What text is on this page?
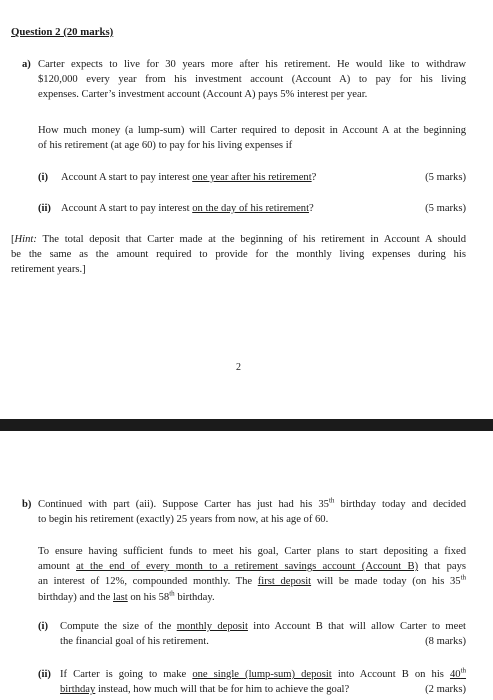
Question 2 (20 marks)
a) Carter expects to live for 30 years more after his retirement. He would like to withdraw
$120,000 every year from his investment account (Account A) to pay for his living
expenses. Carter’s investment account (Account A) pays 5% interest per year.
How much money (a lump-sum) will Carter required to deposit in Account A at the beginning
of his retirement (at age 60) to pay for his living expenses if
(i) Account A start to pay interest one year after his retirement?	(5 marks)
(ii) Account A start to pay interest on the day of his retirement?	(5 marks)
[Hint: The total deposit that Carter made at the beginning of his retirement in Account A should
be the same as the amount required to provide for the monthly living expenses during his
retirement years.]
2
b) Continued with part (aii). Suppose Carter has just had his 35th birthday today and decided
to begin his retirement (exactly) 25 years from now, at his age of 60.
To ensure having sufficient funds to meet his goal, Carter plans to start depositing a fixed
amount at the end of every month to a retirement savings account (Account B) that pays
an interest of 12%, compounded monthly. The first deposit will be made today (on his 35th
birthday) and the last on his 58th birthday.
(i) Compute the size of the monthly deposit into Account B that will allow Carter to meet
the financial goal of his retirement.	(8 marks)
(ii) If Carter is going to make one single (lump-sum) deposit into Account B on his 40th
birthday instead, how much will that be for him to achieve the goal?	(2 marks)
